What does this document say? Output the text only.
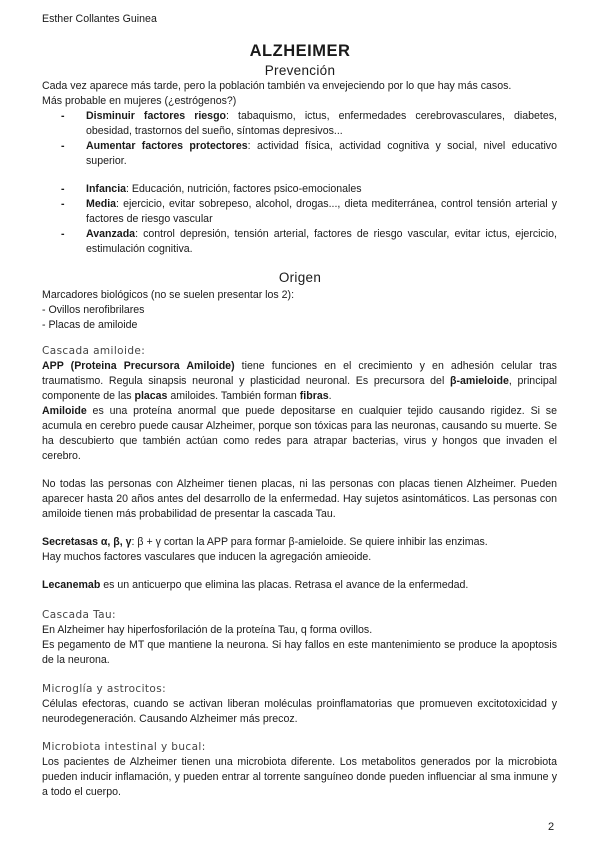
Esther Collantes Guinea
ALZHEIMER
Prevención

Cada vez aparece más tarde, pero la población también va envejeciendo por lo que hay más casos.

Más probable en mujeres (¿estrógenos?)

- Disminuir factores riesgo: tabaquismo, ictus, enfermedades cerebrovasculares, diabetes, obesidad, trastornos del sueño, síntomas depresivos...
- Aumentar factores protectores: actividad física, actividad cognitiva y social, nivel educativo superior.
- Infancia: Educación, nutrición, factores psico-emocionales
- Media: ejercicio, evitar sobrepeso, alcohol, drogas..., dieta mediterránea, control tensión arterial y factores de riesgo vascular
- Avanzada: control depresión, tensión arterial, factores de riesgo vascular, evitar ictus, ejercicio, estimulación cognitiva.
Origen

Marcadores biológicos (no se suelen presentar los 2):

- Ovillos nerofibrilares

- Placas de amiloide

Cascada amiloide:

APP (Proteina Precursora Amiloide) tiene funciones en el crecimiento y en adhesión celular tras traumatismo. Regula sinapsis neuronal y plasticidad neuronal. Es precursora del β-amieloide, principal componente de las placas amiloides. También forman fibras.

Amiloide es una proteína anormal que puede depositarse en cualquier tejido causando rigidez. Si se acumula en cerebro puede causar Alzheimer, porque son tóxicas para las neuronas, causando su muerte. Se ha descubierto que también actúan como redes para atrapar bacterias, virus y hongos que invaden el cerebro.

No todas las personas con Alzheimer tienen placas, ni las personas con placas tienen Alzheimer. Pueden aparecer hasta 20 años antes del desarrollo de la enfermedad. Hay sujetos asintomáticos. Las personas con amiloide tienen más probabilidad de presentar la cascada Tau.

Secretasas α, β, γ: β + γ cortan la APP para formar β-amieloide. Se quiere inhibir las enzimas.

Hay muchos factores vasculares que inducen la agregación amieoide.

Lecanemab es un anticuerpo que elimina las placas. Retrasa el avance de la enfermedad.

Cascada Tau:

En Alzheimer hay hiperfosforilación de la proteína Tau, q forma ovillos.

Es pegamento de MT que mantiene la neurona. Si hay fallos en este mantenimiento se produce la apoptosis de la neurona.

Microglía y astrocitos:

Células efectoras, cuando se activan liberan moléculas proinflamatorias que promueven excitotoxicidad y neurodegeneración. Causando Alzheimer más precoz.

Microbiota intestinal y bucal:

Los pacientes de Alzheimer tienen una microbiota diferente. Los metabolitos generados por la microbiota pueden inducir inflamación, y pueden entrar al torrente sanguíneo donde pueden influenciar al sma inmune y a todo el cuerpo.

2
